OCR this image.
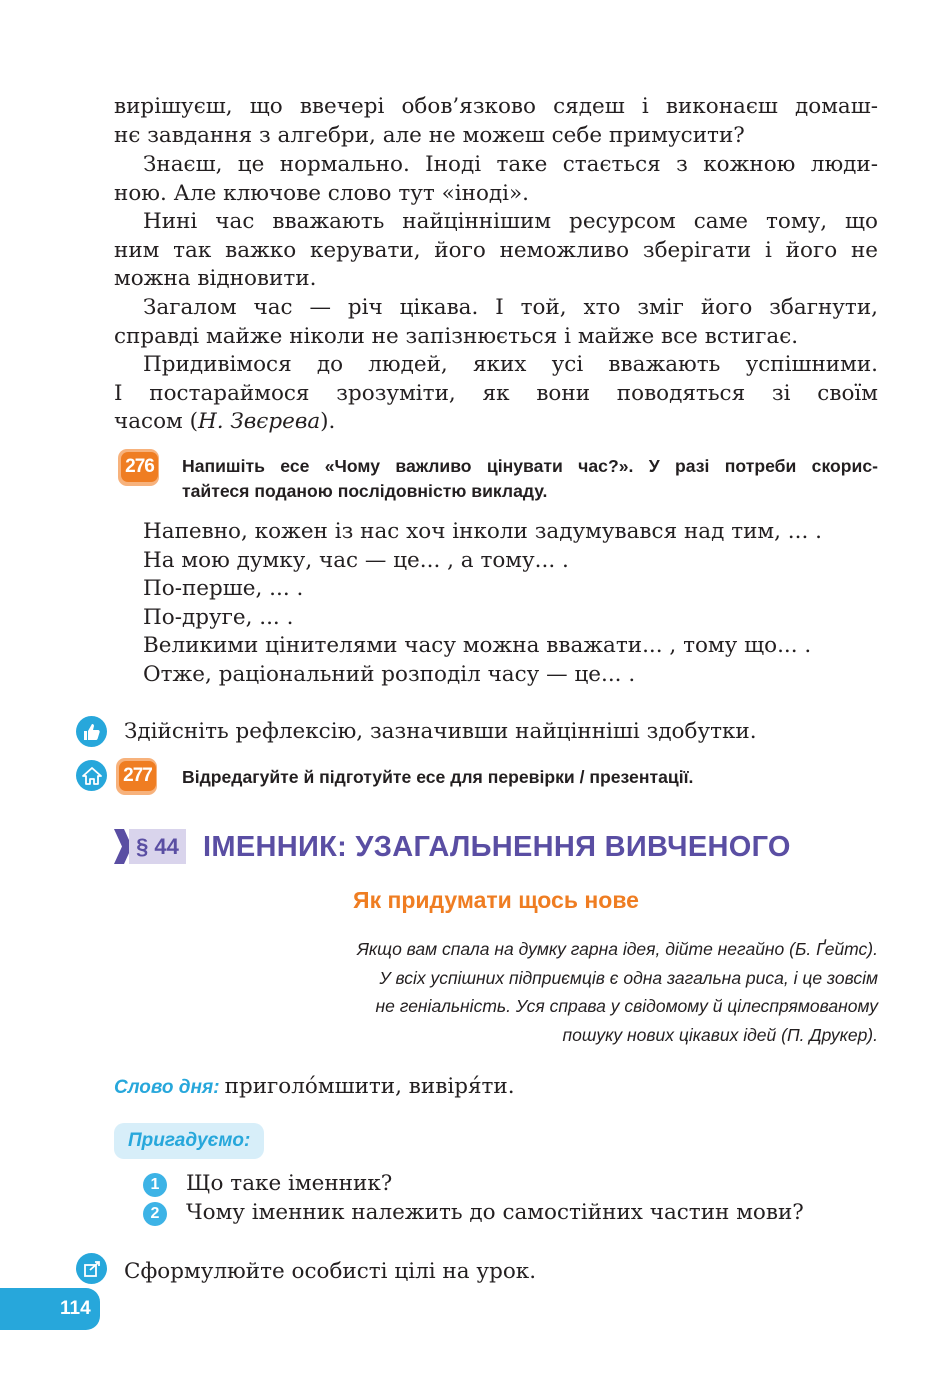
вирішуєш, що ввечері обов’язково сядеш і виконаєш домаш-
нє завдання з алгебри, але не можеш себе примусити?
Знаєш, це нормально. Іноді таке стається з кожною люди-
ною. Але ключове слово тут «іноді».
Нині час вважають найціннішим ресурсом саме тому, що
ним так важко керувати, його неможливо зберігати і його не
можна відновити.
Загалом час — річ цікава. І той, хто зміг його збагнути,
справді майже ніколи не запізнюється і майже все встигає.
Придивімося до людей, яких усі вважають успішними.
І постараймося зрозуміти, як вони поводяться зі своїм
часом (Н. Звєрева).
276 Напишіть есе «Чому важливо цінувати час?». У разі потреби скорис-
тайтеся поданою послідовністю викладу.
Напевно, кожен із нас хоч інколи задумувався над тим, ... .
На мою думку, час — це... , а тому... .
По-перше, ... .
По-друге, ... .
Великими цінителями часу можна вважати... , тому що... .
Отже, раціональний розподіл часу — це... .
Здійсніть рефлексію, зазначивши найцінніші здобутки.
277 Відредагуйте й підготуйте есе для перевірки / презентації.
§ 44 ІМЕННИК: УЗАГАЛЬНЕННЯ ВИВЧЕНОГО
Як придумати щось нове
Якщо вам спала на думку гарна ідея, дійте негайно (Б. Ґейтс).
У всіх успішних підприємців є одна загальна риса, і це зовсім
не геніальність. Уся справа у свідомому й цілеспрямованому
пошуку нових цікавих ідей (П. Друкер).
Слово дня: приголо́мшити, вивіря́ти.
Пригадуємо:
1	Що таке іменник?
2	Чому іменник належить до самостійних частин мови?
Сформулюйте особисті цілі на урок.
114
